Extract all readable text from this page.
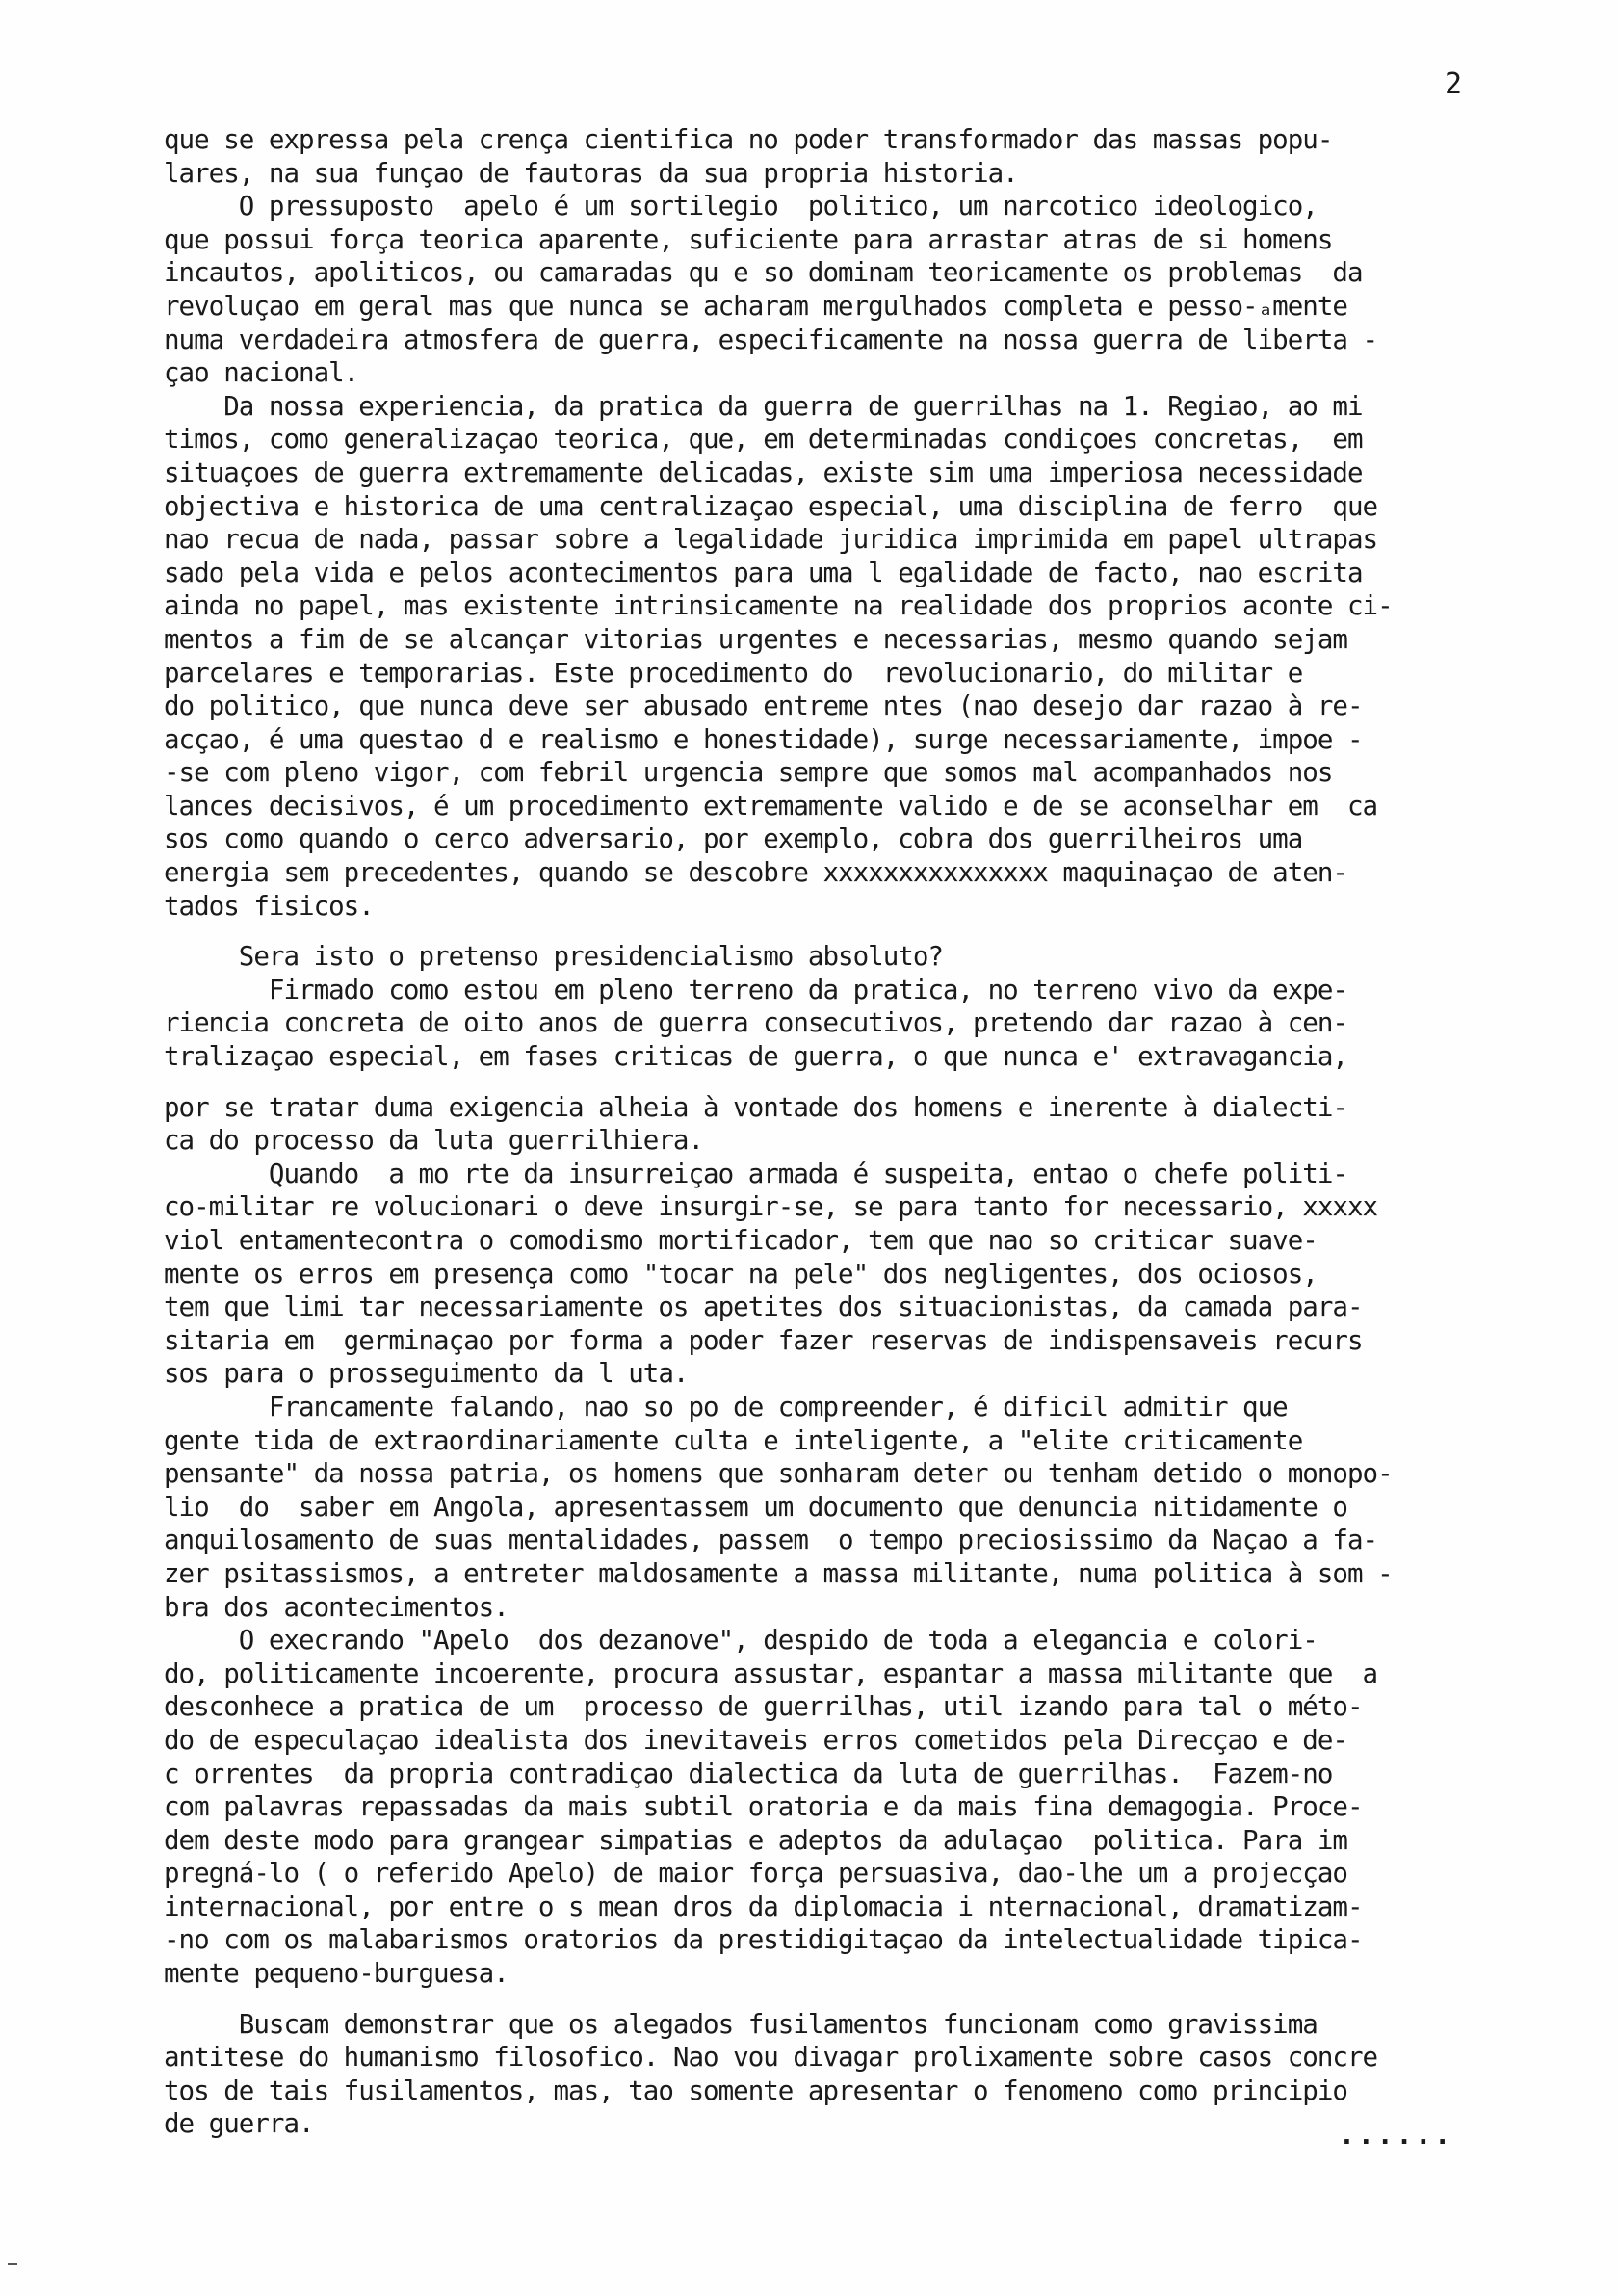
2
que se expressa pela crença cientifica no poder transformador das massas popu-
lares, na sua funçao de fautoras da sua propria historia.
O pressuposto  apelo é um sortilegio  politico, um narcotico ideologico,
que possui força teorica aparente, suficiente para arrastar atras de si homens
incautos, apoliticos, ou camaradas qu e so dominam teoricamente os problemas  da
revoluçao em geral mas que nunca se acharam mergulhados completa e pesso-ₐmente
numa verdadeira atmosfera de guerra, especificamente na nossa guerra de liberta -
çao nacional.
Da nossa experiencia, da pratica da guerra de guerrilhas na 1. Regiao, ao mi
timos, como generalizaçao teorica, que, em determinadas condiçoes concretas,  em
situaçoes de guerra extremamente delicadas, existe sim uma imperiosa necessidade
objectiva e historica de uma centralizaçao especial, uma disciplina de ferro  que
nao recua de nada, passar sobre a legalidade juridica imprimida em papel ultrapas
sado pela vida e pelos acontecimentos para uma l egalidade de facto, nao escrita
ainda no papel, mas existente intrinsicamente na realidade dos proprios aconte ci-
mentos a fim de se alcançar vitorias urgentes e necessarias, mesmo quando sejam
parcelares e temporarias. Este procedimento do  revolucionario, do militar e
do politico, que nunca deve ser abusado entreme ntes (nao desejo dar razao à re-
acçao, é uma questao d e realismo e honestidade), surge necessariamente, impoe -
-se com pleno vigor, com febril urgencia sempre que somos mal acompanhados nos
lances decisivos, é um procedimento extremamente valido e de se aconselhar em  ca
sos como quando o cerco adversario, por exemplo, cobra dos guerrilheiros uma
energia sem precedentes, quando se descobre xxxxxxxxxxxxxxx maquinaçao de aten-
tados fisicos.
Sera isto o pretenso presidencialismo absoluto?
Firmado como estou em pleno terreno da pratica, no terreno vivo da expe-
riencia concreta de oito anos de guerra consecutivos, pretendo dar razao à cen-
tralizaçao especial, em fases criticas de guerra, o que nunca e' extravagancia,
por se tratar duma exigencia alheia à vontade dos homens e inerente à dialecti-
ca do processo da luta guerrilhiera.
Quando  a mo rte da insurreiçao armada é suspeita, entao o chefe politi-
co-militar re volucionari o deve insurgir-se, se para tanto for necessario, xxxxx
viol entamentecontra o comodismo mortificador, tem que nao so criticar suave-
mente os erros em presença como "tocar na pele" dos negligentes, dos ociosos,
tem que limi tar necessariamente os apetites dos situacionistas, da camada para-
sitaria em  germinaçao por forma a poder fazer reservas de indispensaveis recurs
sos para o prosseguimento da l uta.
Francamente falando, nao so po de compreender, é dificil admitir que
gente tida de extraordinariamente culta e inteligente, a "elite criticamente
pensante" da nossa patria, os homens que sonharam deter ou tenham detido o monopo-
lio  do  saber em Angola, apresentassem um documento que denuncia nitidamente o
anquilosamento de suas mentalidades, passem  o tempo preciosissimo da Naçao a fa-
zer psitassismos, a entreter maldosamente a massa militante, numa politica à som -
bra dos acontecimentos.
O execrando "Apelo  dos dezanove", despido de toda a elegancia e colori-
do, politicamente incoerente, procura assustar, espantar a massa militante que  a
desconhece a pratica de um  processo de guerrilhas, util izando para tal o méto-
do de especulaçao idealista dos inevitaveis erros cometidos pela Direcçao e de-
c orrentes  da propria contradiçao dialectica da luta de guerrilhas.  Fazem-no
com palavras repassadas da mais subtil oratoria e da mais fina demagogia. Proce-
dem deste modo para grangear simpatias e adeptos da adulaçao  politica. Para im
pregná-lo ( o referido Apelo) de maior força persuasiva, dao-lhe um a projecçao
internacional, por entre o s mean dros da diplomacia i nternacional, dramatizam-
-no com os malabarismos oratorios da prestidigitaçao da intelectualidade tipica-
mente pequeno-burguesa.
Buscam demonstrar que os alegados fusilamentos funcionam como gravissima
antitese do humanismo filosofico. Nao vou divagar prolixamente sobre casos concre
tos de tais fusilamentos, mas, tao somente apresentar o fenomeno como principio
de guerra.	......
